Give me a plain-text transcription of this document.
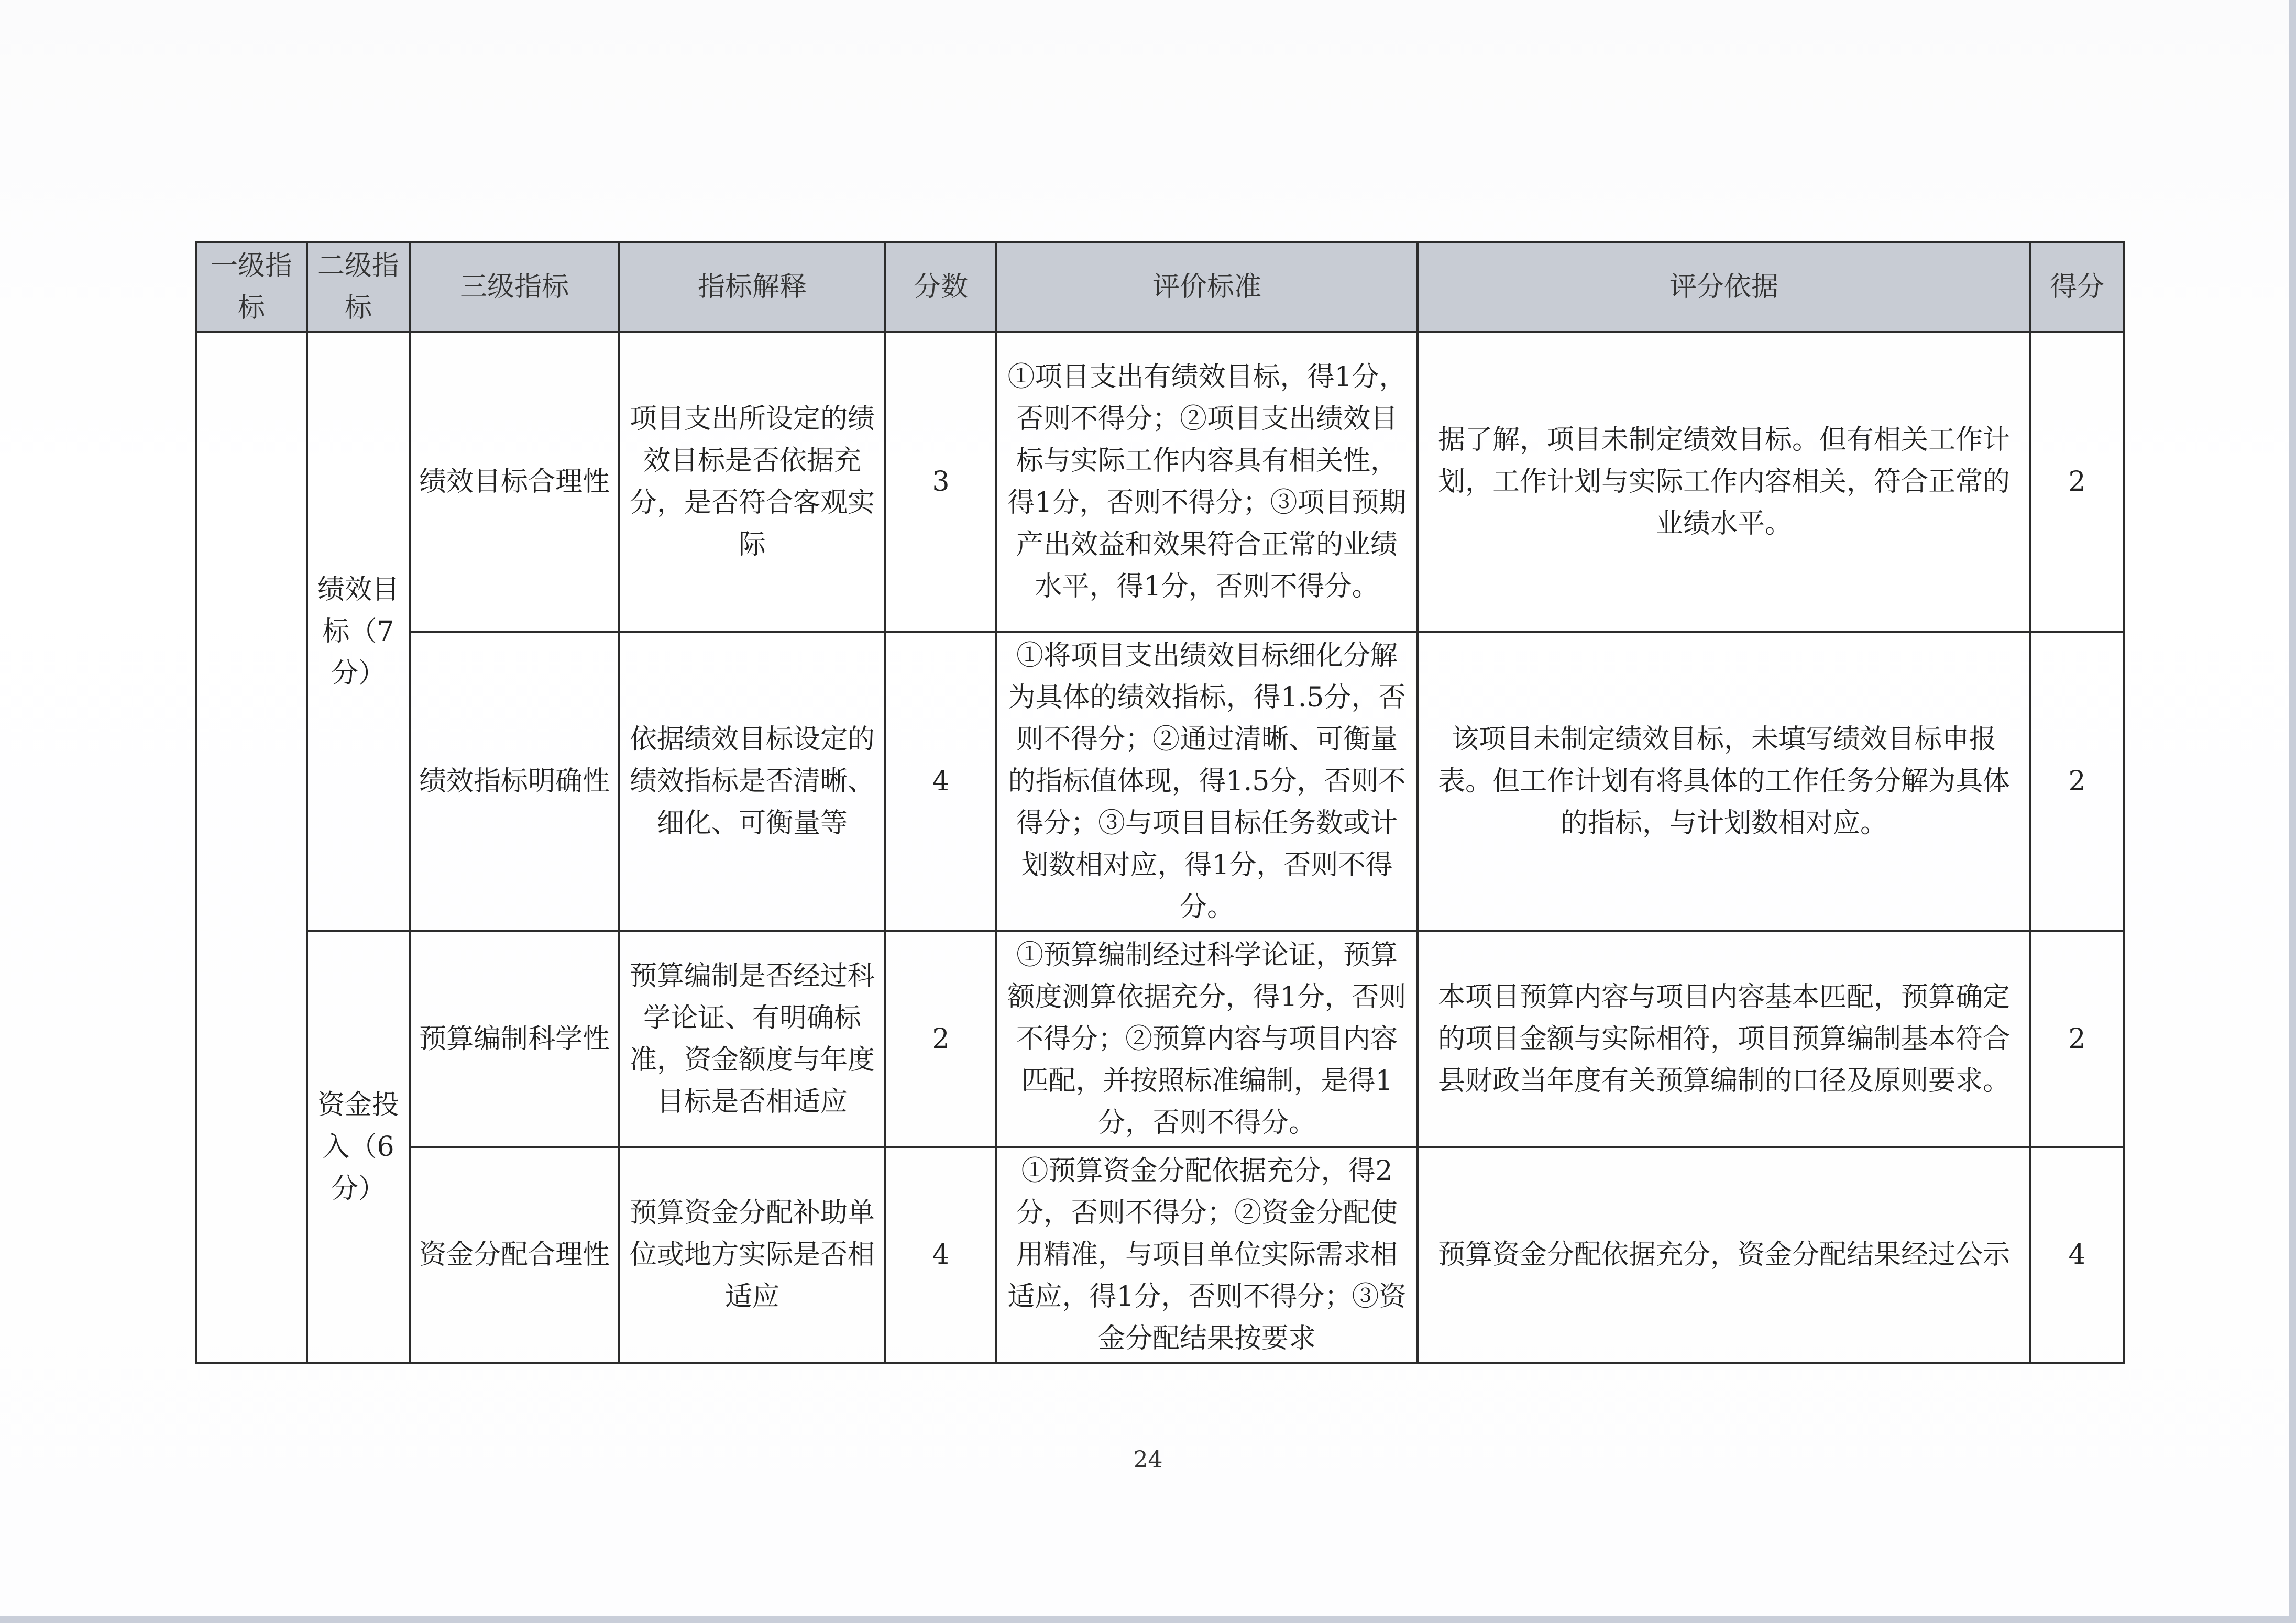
一级指标	二级指标	三级指标	指标解释	分数	评价标准	评分依据	得分
	绩效目标（7分）	绩效目标合理性	项目支出所设定的绩效目标是否依据充分，是否符合客观实际	3	①项目支出有绩效目标，得1分，否则不得分；②项目支出绩效目标与实际工作内容具有相关性，得1分，否则不得分；③项目预期产出效益和效果符合正常的业绩水平，得1分，否则不得分。	据了解，项目未制定绩效目标。但有相关工作计划，工作计划与实际工作内容相关，符合正常的业绩水平。	2
		绩效指标明确性	依据绩效目标设定的绩效指标是否清晰、细化、可衡量等	4	①将项目支出绩效目标细化分解为具体的绩效指标，得1.5分，否则不得分；②通过清晰、可衡量的指标值体现，得1.5分，否则不得分；③与项目目标任务数或计划数相对应，得1分，否则不得分。	该项目未制定绩效目标，未填写绩效目标申报表。但工作计划有将具体的工作任务分解为具体的指标，与计划数相对应。	2
	资金投入（6分）	预算编制科学性	预算编制是否经过科学论证、有明确标准，资金额度与年度目标是否相适应	2	①预算编制经过科学论证，预算额度测算依据充分，得1分，否则不得分；②预算内容与项目内容匹配，并按照标准编制，是得1分，否则不得分。	本项目预算内容与项目内容基本匹配，预算确定的项目金额与实际相符，项目预算编制基本符合县财政当年度有关预算编制的口径及原则要求。	2
		资金分配合理性	预算资金分配补助单位或地方实际是否相适应	4	①预算资金分配依据充分，得2分，否则不得分；②资金分配使用精准，与项目单位实际需求相适应，得1分，否则不得分；③资金分配结果按要求	预算资金分配依据充分，资金分配结果经过公示	4
24
